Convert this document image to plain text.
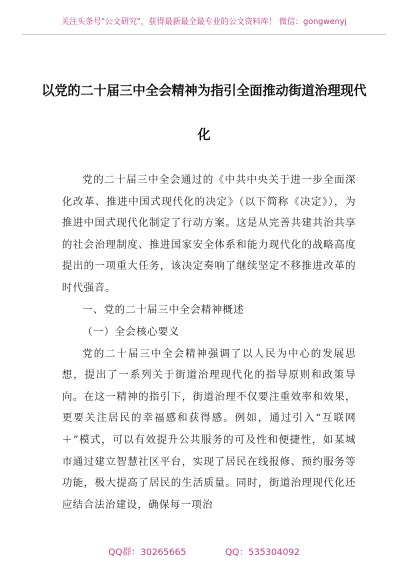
关注头条号"公文研究"，获得最新最全最专业的公文资料库！ 微信：gongwenyj
以党的二十届三中全会精神为指引全面推动街道治理现代
化

党的二十届三中全会通过的《中共中央关于进一步全面深化改革、推进中国式现代化的决定》（以下简称《决定》），为推进中国式现代化制定了行动方案。这是从完善共建共治共享的社会治理制度、推进国家安全体系和能力现代化的战略高度提出的一项重大任务，该决定奏响了继续坚定不移推进改革的时代强音。

一、党的二十届三中全会精神概述

（一）全会核心要义

党的二十届三中全会精神强调了以人民为中心的发展思想，提出了一系列关于街道治理现代化的指导原则和政策导向。在这一精神的指引下，街道治理不仅要注重效率和效果，更要关注居民的幸福感和获得感。例如，通过引入“互联网＋”模式，可以有效提升公共服务的可及性和便捷性，如某城市通过建立智慧社区平台，实现了居民在线报修、预约服务等功能，极大提高了居民的生活质量。同时，街道治理现代化还应结合法治建设，确保每一项治

QQ群：30265665	QQ：535304092
